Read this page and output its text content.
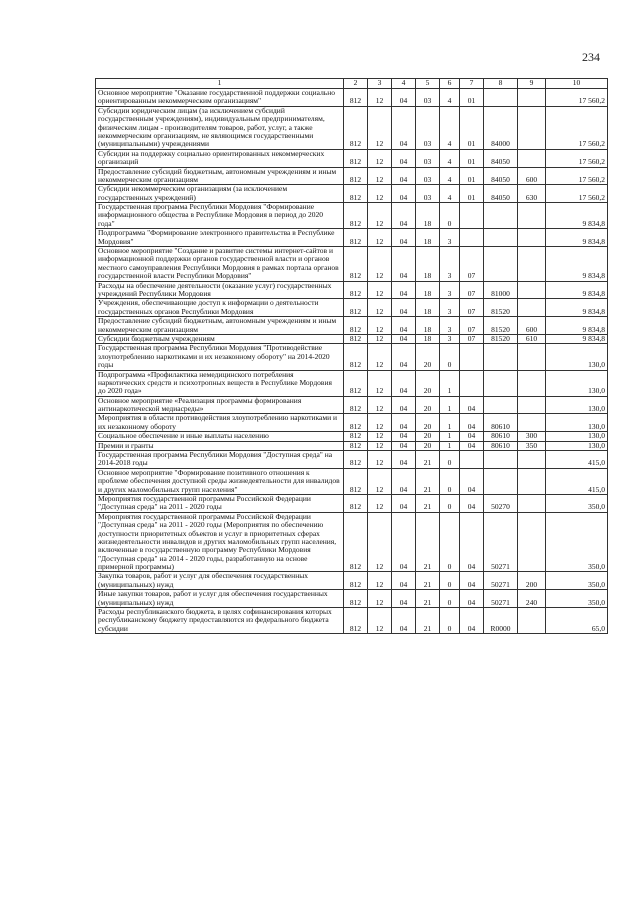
234
1	2	3	4	5	6	7	8	9	10
Основное мероприятие "Оказание государственной поддержки социально ориентированным некоммерческим организациям"	812	12	04	03	4	01			17 560,2
Субсидии юридическим лицам (за исключением субсидий государственным учреждениям), индивидуальным предпринимателям, физическим лицам - производителям товаров, работ, услуг, а также некоммерческим организациям, не являющимся государственными (муниципальными) учреждениями	812	12	04	03	4	01	84000		17 560,2
Субсидии на поддержку социально ориентированных некоммерческих организаций	812	12	04	03	4	01	84050		17 560,2
Предоставление субсидий бюджетным, автономным учреждениям и иным некоммерческим организациям	812	12	04	03	4	01	84050	600	17 560,2
Субсидии некоммерческим организациям (за исключением государственных учреждений)	812	12	04	03	4	01	84050	630	17 560,2
Государственная программа Республики Мордовия "Формирование информационного общества в Республике Мордовия в период до 2020 года"	812	12	04	18	0				9 834,8
Подпрограмма "Формирование электронного правительства в Республике Мордовия"	812	12	04	18	3				9 834,8
Основное мероприятие "Создание и развитие системы интернет-сайтов и информационной поддержки органов государственной власти и органов местного самоуправления Республики Мордовия в рамках портала органов государственной власти Республики Мордовия"	812	12	04	18	3	07			9 834,8
Расходы на обеспечение деятельности (оказание услуг) государственных учреждений Республики Мордовия	812	12	04	18	3	07	81000		9 834,8
Учреждения, обеспечивающие доступ к информации о деятельности государственных органов Республики Мордовия	812	12	04	18	3	07	81520		9 834,8
Предоставление субсидий бюджетным, автономным учреждениям и иным некоммерческим организациям	812	12	04	18	3	07	81520	600	9 834,8
Субсидии бюджетным учреждениям	812	12	04	18	3	07	81520	610	9 834,8
Государственная программа Республики Мордовия "Противодействие злоупотреблению наркотиками и их незаконному обороту" на 2014-2020 годы	812	12	04	20	0				130,0
Подпрограмма «Профилактика немедицинского потребления наркотических средств и психотропных веществ в Республике Мордовия до 2020 года»	812	12	04	20	1				130,0
Основное мероприятие «Реализация программы формирования антинаркотической медиасреды»	812	12	04	20	1	04			130,0
Мероприятия в области противодействия злоупотреблению наркотиками и их незаконному обороту	812	12	04	20	1	04	80610		130,0
Социальное обеспечение и иные выплаты населению	812	12	04	20	1	04	80610	300	130,0
Премии и гранты	812	12	04	20	1	04	80610	350	130,0
Государственная программа Республики Мордовия "Доступная среда" на 2014-2018 годы	812	12	04	21	0				415,0
Основное мероприятие "Формирование позитивного отношения к проблеме обеспечения доступной среды жизнедеятельности для инвалидов и других маломобильных групп населения"	812	12	04	21	0	04			415,0
Мероприятия государственной программы Российской Федерации "Доступная среда" на 2011 - 2020 годы	812	12	04	21	0	04	50270		350,0
Мероприятия государственной программы Российской Федерации "Доступная среда" на 2011 - 2020 годы (Мероприятия по обеспечению доступности приоритетных объектов и услуг в приоритетных сферах жизнедеятельности инвалидов и других маломобильных групп населения, включенные в государственную программу Республики Мордовия "Доступная среда" на 2014 - 2020 годы, разработанную на основе примерной программы)	812	12	04	21	0	04	50271		350,0
Закупка товаров, работ и услуг для обеспечения государственных (муниципальных) нужд	812	12	04	21	0	04	50271	200	350,0
Иные закупки товаров, работ и услуг для обеспечения государственных (муниципальных) нужд	812	12	04	21	0	04	50271	240	350,0
Расходы республиканского бюджета, в целях софинансирования которых республиканскому бюджету предоставляются из федерального бюджета субсидии	812	12	04	21	0	04	R0000		65,0
